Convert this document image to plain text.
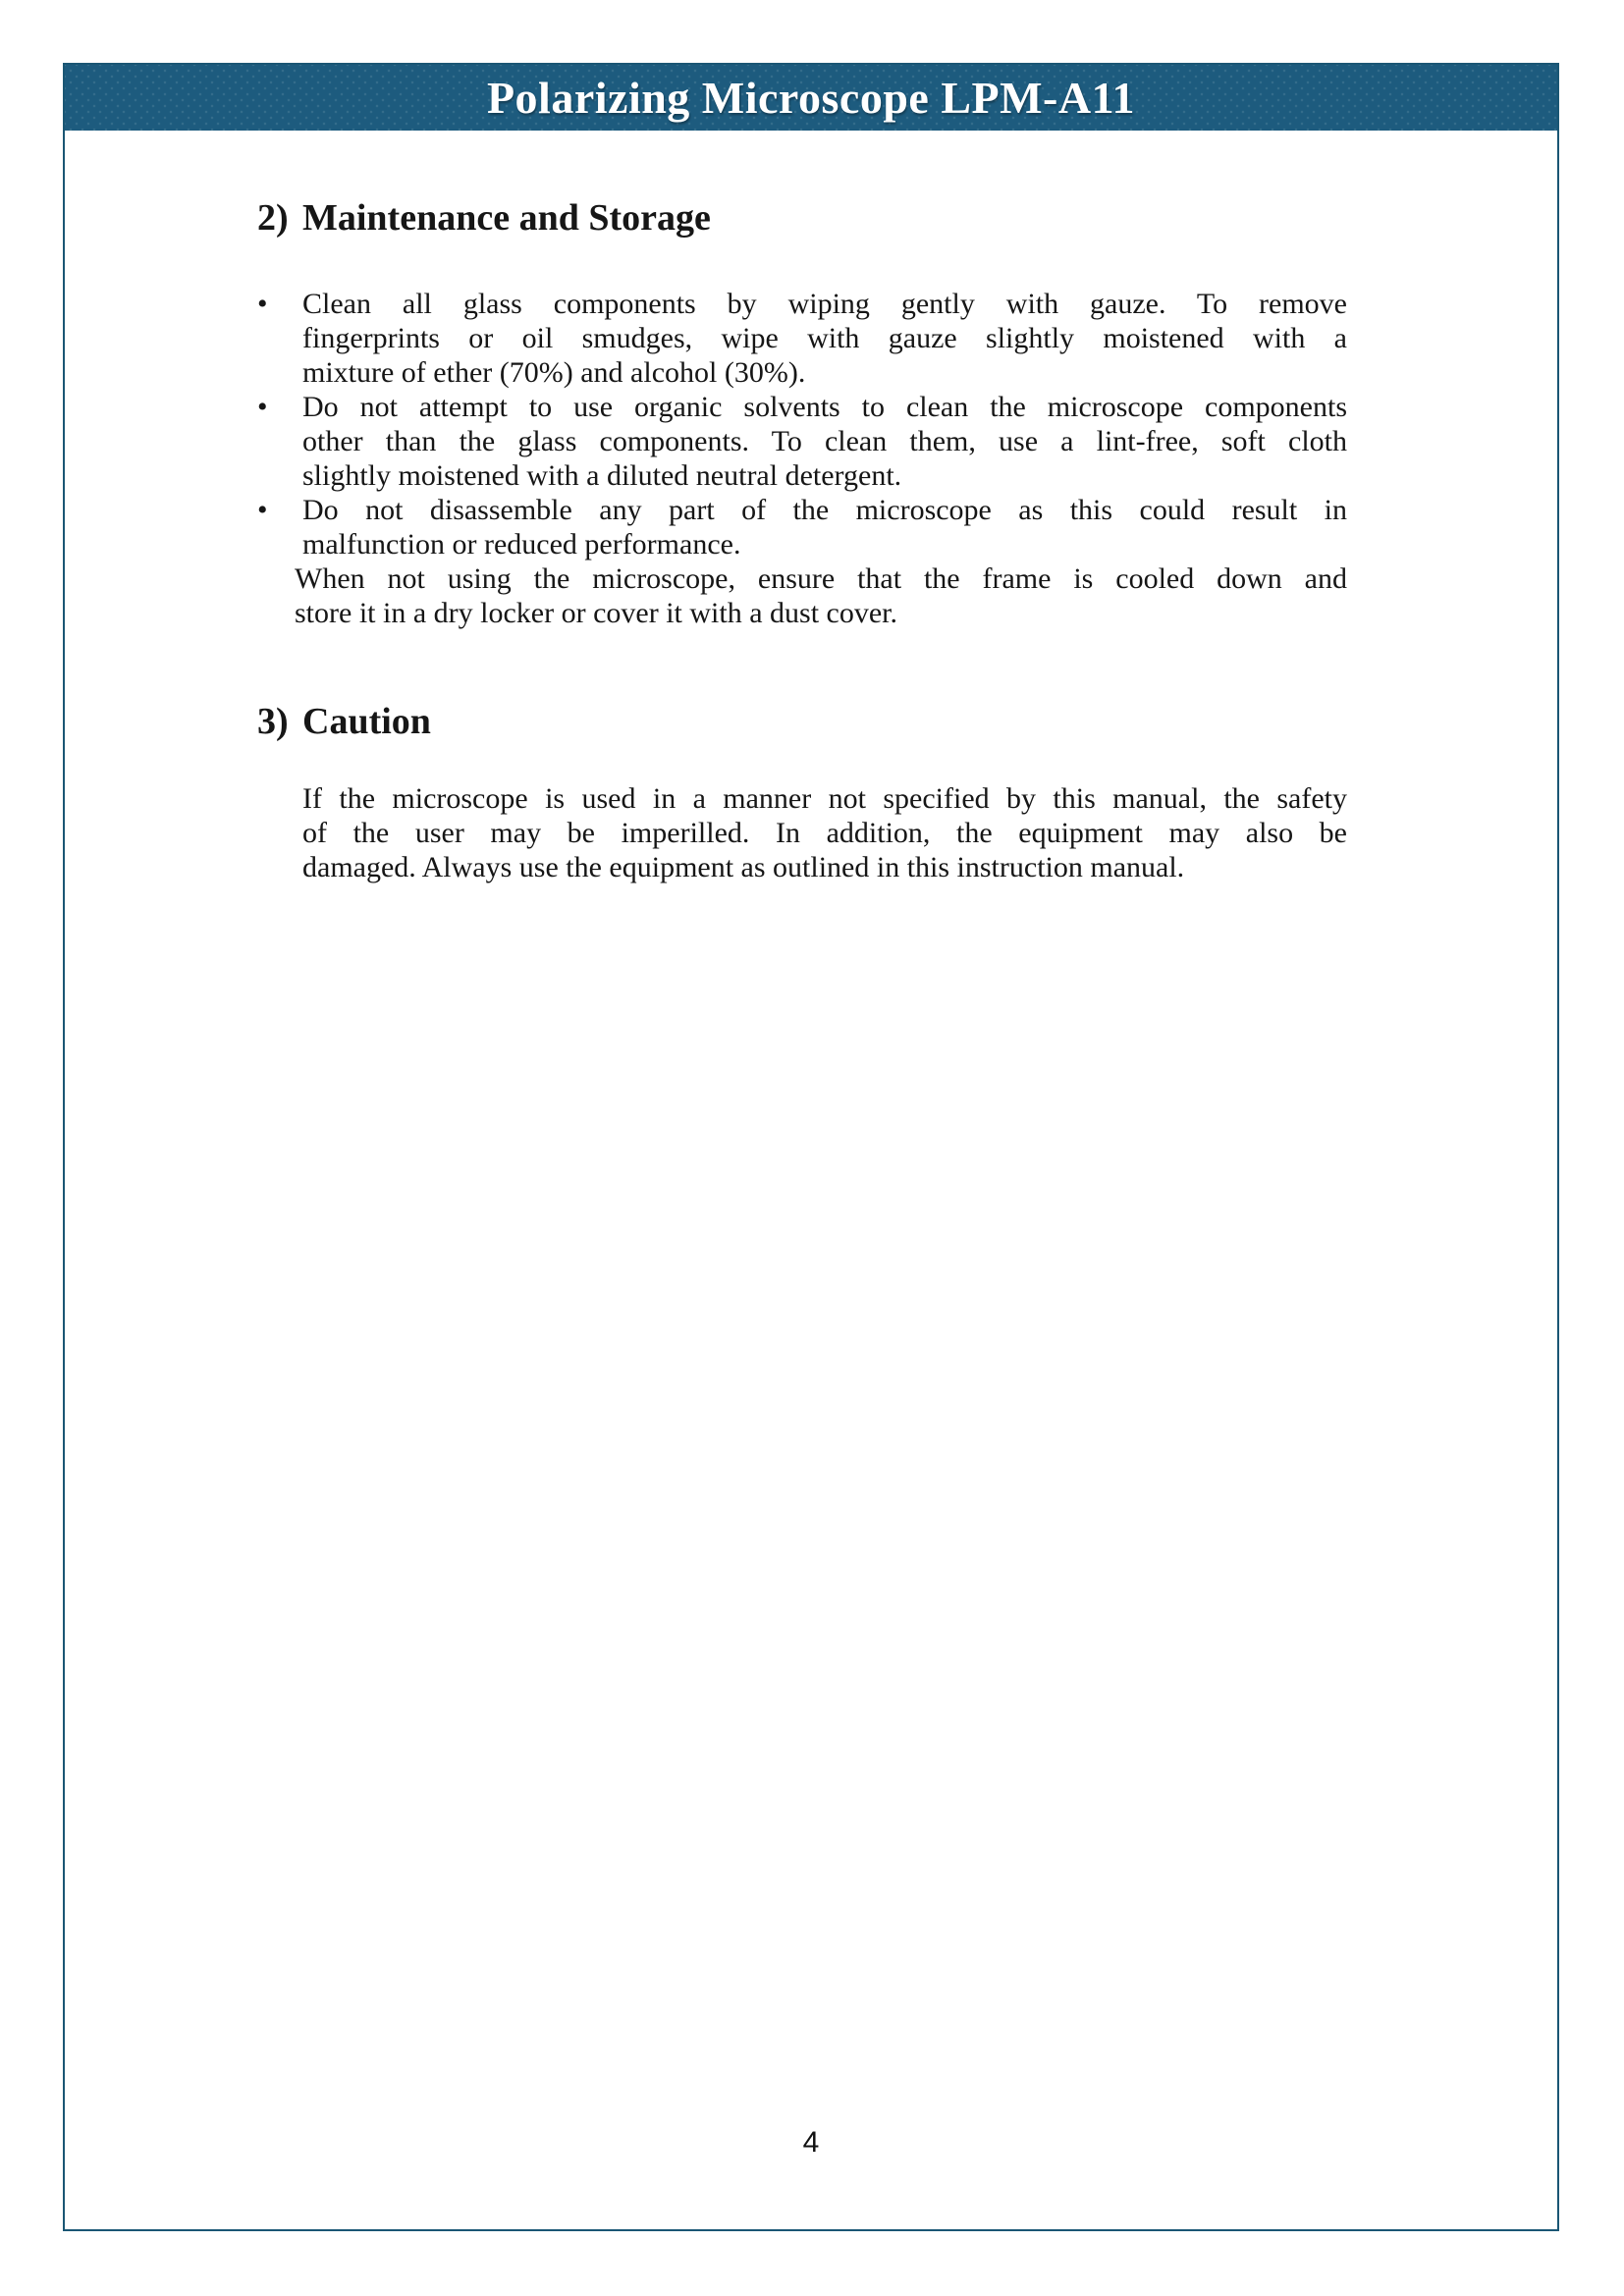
Polarizing Microscope LPM-A11
2) Maintenance and Storage
• Clean all glass components by wiping gently with gauze. To remove
fingerprints or oil smudges, wipe with gauze slightly moistened with a
mixture of ether (70%) and alcohol (30%).
• Do not attempt to use organic solvents to clean the microscope components
other than the glass components. To clean them, use a lint-free, soft cloth
slightly moistened with a diluted neutral detergent.
• Do not disassemble any part of the microscope as this could result in
malfunction or reduced performance.
When not using the microscope, ensure that the frame is cooled down and
store it in a dry locker or cover it with a dust cover.
3) Caution
If the microscope is used in a manner not specified by this manual, the safety
of the user may be imperilled. In addition, the equipment may also be
damaged. Always use the equipment as outlined in this instruction manual.
4
